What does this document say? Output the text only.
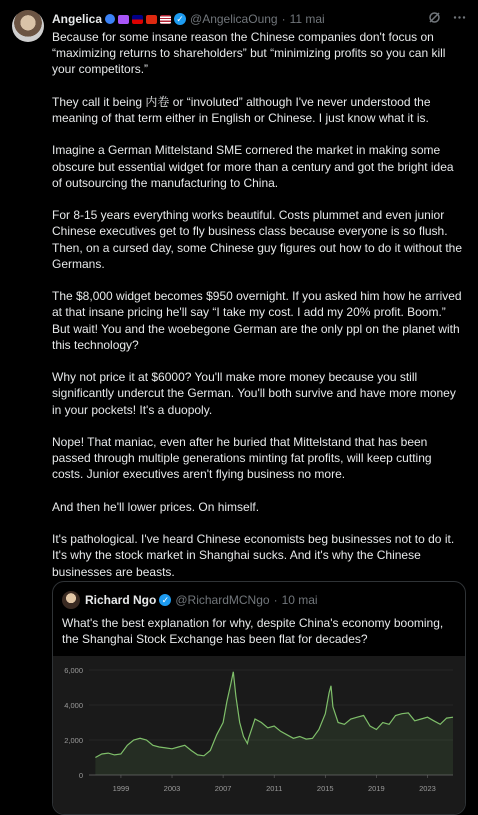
Angelica	✓ @AngelicaOung · 11 mai

Because for some insane reason the Chinese companies don't focus on “maximizing returns to shareholders” but “minimizing profits so you can kill your competitors.”

They call it being 内卷 or “involuted” although I've never understood the meaning of that term either in English or Chinese. I just know what it is.

Imagine a German Mittelstand SME cornered the market in making some obscure but essential widget for more than a century and got the bright idea of outsourcing the manufacturing to China.

For 8-15 years everything works beautiful. Costs plummet and even junior Chinese executives get to fly business class because everyone is so flush. Then, on a cursed day, some Chinese guy figures out how to do it without the Germans.

The $8,000 widget becomes $950 overnight. If you asked him how he arrived at that insane pricing he'll say “I take my cost. I add my 20% profit. Boom.” But wait! You and the woebegone German are the only ppl on the planet with this technology?

Why not price it at $6000? You'll make more money because you still significantly undercut the German. You'll both survive and have more money in your pockets! It's a duopoly.

Nope! That maniac, even after he buried that Mittelstand that has been passed through multiple generations minting fat profits, will keep cutting costs. Junior executives aren't flying business no more.

And then he'll lower prices. On himself.

It's pathological. I've heard Chinese economists beg businesses not to do it. It's why the stock market in Shanghai sucks. And it's why the Chinese businesses are beasts.

Richard Ngo ✓ @RichardMCNgo · 10 mai
What's the best explanation for why, despite China's economy booming, the Shanghai Stock Exchange has been flat for decades?
0
2,000
4,000
6,000
1999	2003	2007	2011	2015	2019	2023
